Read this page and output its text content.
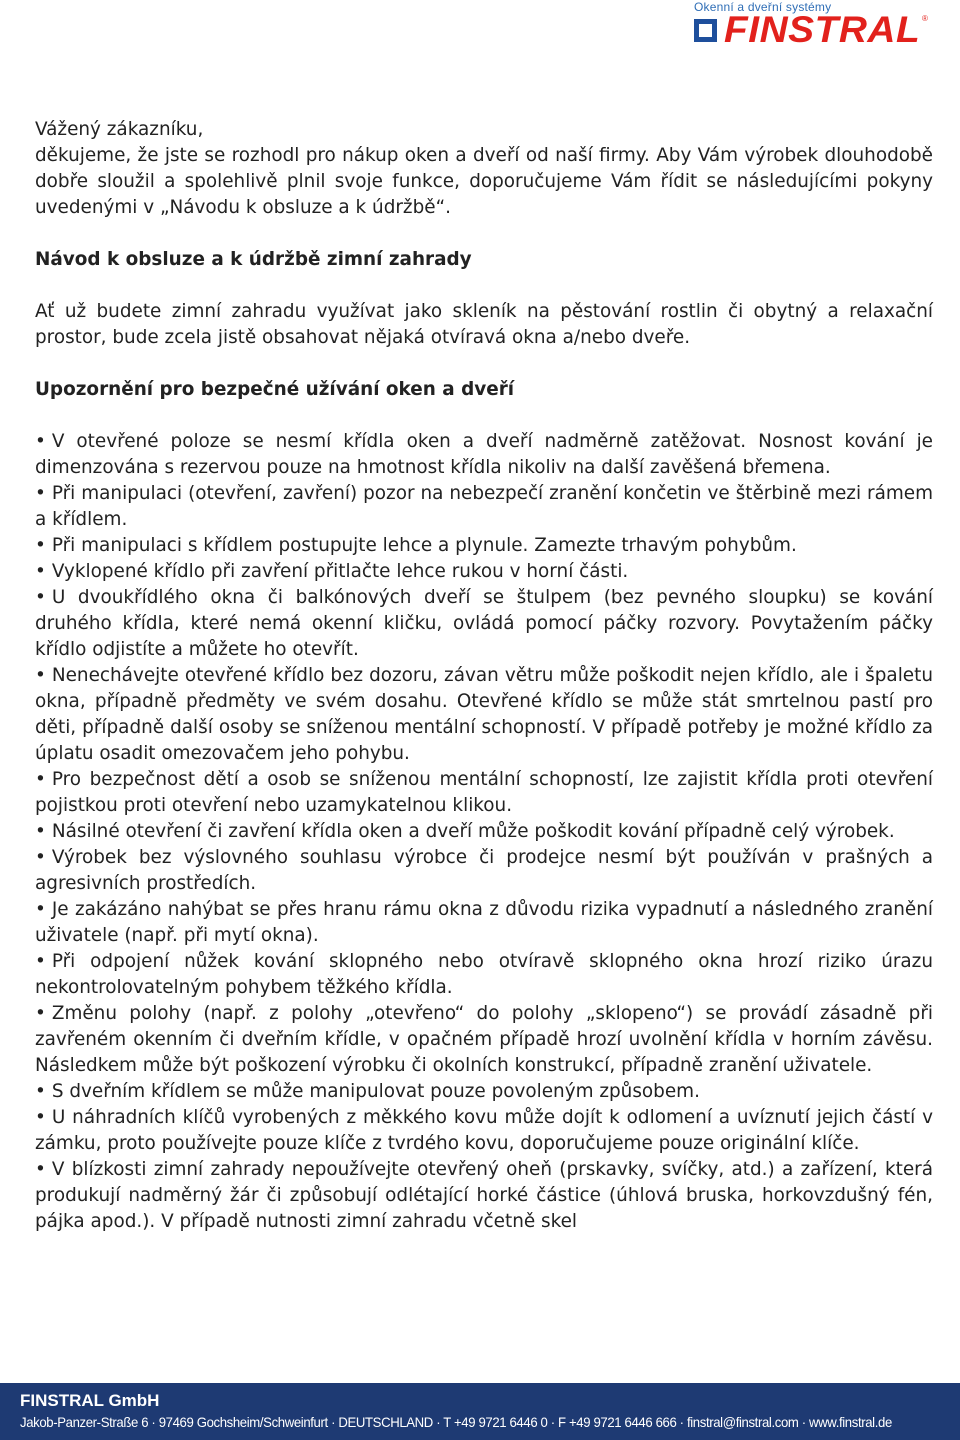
Okenní a dveřní systémy
FINSTRAL ®

Vážený zákazníku,

děkujeme, že jste se rozhodl pro nákup oken a dveří od naší firmy. Aby Vám výrobek dlouhodobě dobře sloužil a spolehlivě plnil svoje funkce, doporučujeme Vám řídit se následujícími pokyny uvedenými v „Návodu k obsluze a k údržbě“.

Návod k obsluze a k údržbě zimní zahrady

Ať už budete zimní zahradu využívat jako skleník na pěstování rostlin či obytný a relaxační prostor, bude zcela jistě obsahovat nějaká otvíravá okna a/nebo dveře.

Upozornění pro bezpečné užívání oken a dveří
• V otevřené poloze se nesmí křídla oken a dveří nadměrně zatěžovat. Nosnost kování je dimenzována s rezervou pouze na hmotnost křídla nikoliv na další zavěšená břemena.
• Při manipulaci (otevření, zavření) pozor na nebezpečí zranění končetin ve štěrbině mezi rámem a křídlem.
• Při manipulaci s křídlem postupujte lehce a plynule. Zamezte trhavým pohybům.
• Vyklopené křídlo při zavření přitlačte lehce rukou v horní části.
• U dvoukřídlého okna či balkónových dveří se štulpem (bez pevného sloupku) se kování druhého křídla, které nemá okenní kličku, ovládá pomocí páčky rozvory. Povytažením páčky křídlo odjistíte a můžete ho otevřít.
• Nenechávejte otevřené křídlo bez dozoru, závan větru může poškodit nejen křídlo, ale i špaletu okna, případně předměty ve svém dosahu. Otevřené křídlo se může stát smrtelnou pastí pro děti, případně další osoby se sníženou mentální schopností. V případě potřeby je možné křídlo za úplatu osadit omezovačem jeho pohybu.
• Pro bezpečnost dětí a osob se sníženou mentální schopností, lze zajistit křídla proti otevření pojistkou proti otevření nebo uzamykatelnou klikou.
• Násilné otevření či zavření křídla oken a dveří může poškodit kování případně celý výrobek.
• Výrobek bez výslovného souhlasu výrobce či prodejce nesmí být používán v prašných a agresivních prostředích.
• Je zakázáno nahýbat se přes hranu rámu okna z důvodu rizika vypadnutí a následného zranění uživatele (např. při mytí okna).
• Při odpojení nůžek kování sklopného nebo otvíravě sklopného okna hrozí riziko úrazu nekontrolovatelným pohybem těžkého křídla.
• Změnu polohy (např. z polohy „otevřeno“ do polohy „sklopeno“) se provádí zásadně při zavřeném okenním či dveřním křídle, v opačném případě hrozí uvolnění křídla v horním závěsu. Následkem může být poškození výrobku či okolních konstrukcí, případně zranění uživatele.
• S dveřním křídlem se může manipulovat pouze povoleným způsobem.
• U náhradních klíčů vyrobených z měkkého kovu může dojít k odlomení a uvíznutí jejich částí v zámku, proto používejte pouze klíče z tvrdého kovu, doporučujeme pouze originální klíče.
• V blízkosti zimní zahrady nepoužívejte otevřený oheň (prskavky, svíčky, atd.) a zařízení, která produkují nadměrný žár či způsobují odlétající horké částice (úhlová bruska, horkovzdušný fén, pájka apod.). V případě nutnosti zimní zahradu včetně skel
FINSTRAL GmbH
Jakob-Panzer-Straße 6 · 97469 Gochsheim/Schweinfurt · DEUTSCHLAND · T +49 9721 6446 0 · F +49 9721 6446 666 · finstral@finstral.com · www.finstral.de
